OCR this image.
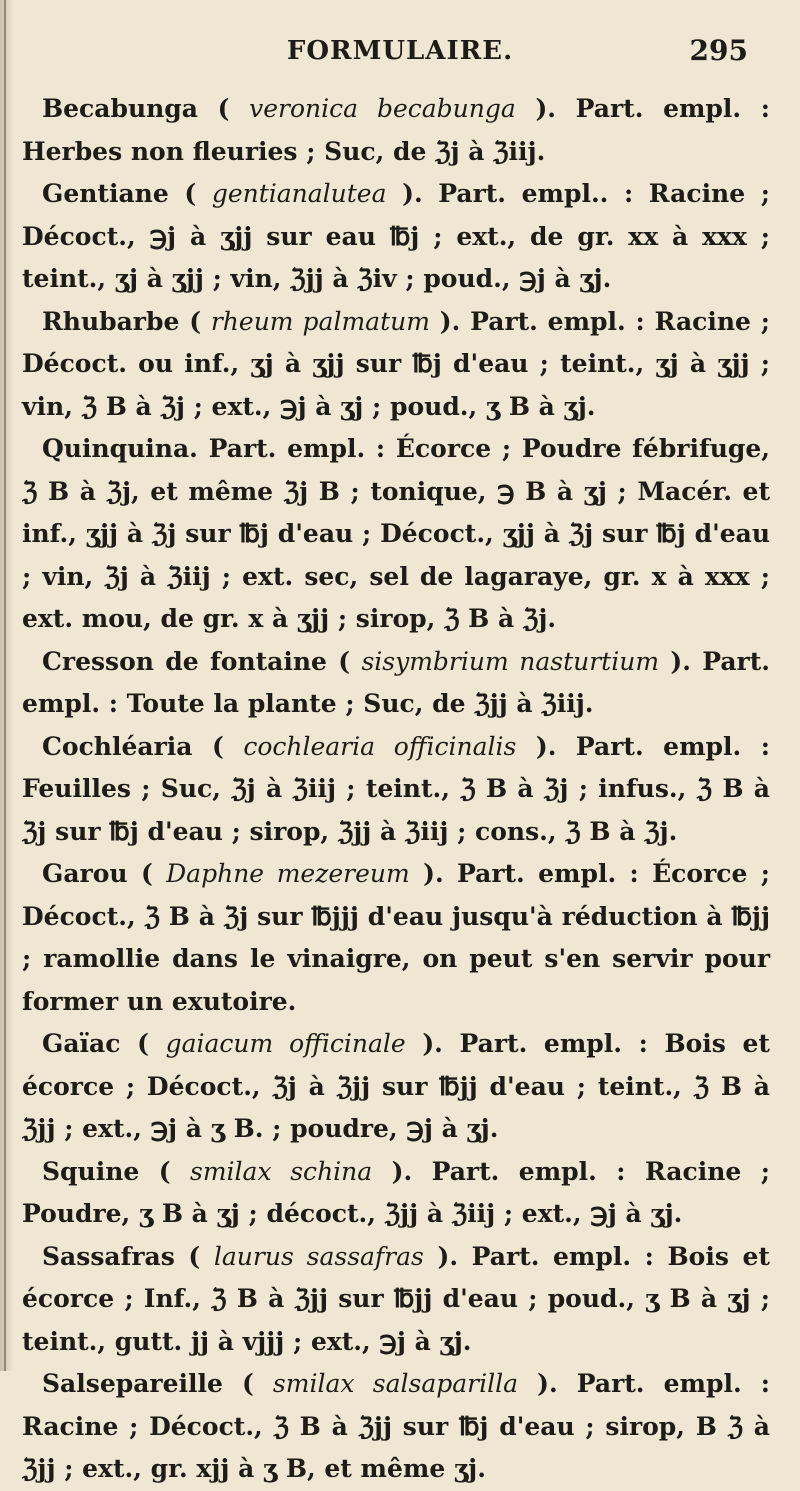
FORMULAIRE.	295

Becabunga ( veronica becabunga ). Part. empl. : Herbes non fleuries ; Suc, de ℨj à ℨiij.

Gentiane ( gentianalutea ). Part. empl.. : Racine ; Décoct., ℈j à ʒjj sur eau ℔j ; ext., de gr. xx à xxx ; teint., ʒj à ʒjj ; vin, ℨjj à ℨiv ; poud., ℈j à ʒj.

Rhubarbe ( rheum palmatum ). Part. empl. : Racine ; Décoct. ou inf., ʒj à ʒjj sur ℔j d'eau ; teint., ʒj à ʒjj ; vin, ℨ B à ℨj ; ext., ℈j à ʒj ; poud., ʒ B à ʒj.

Quinquina. Part. empl. : Écorce ; Poudre fébrifuge, ℨ B à ℨj, et même ℨj B ; tonique, ℈ B à ʒj ; Macér. et inf., ʒjj à ℨj sur ℔j d'eau ; Décoct., ʒjj à ℨj sur ℔j d'eau ; vin, ℨj à ℨiij ; ext. sec, sel de lagaraye, gr. x à xxx ; ext. mou, de gr. x à ʒjj ; sirop, ℨ B à ℨj.

Cresson de fontaine ( sisymbrium nasturtium ). Part. empl. : Toute la plante ; Suc, de ℨjj à ℨiij.

Cochléaria ( cochlearia officinalis ). Part. empl. : Feuilles ; Suc, ℨj à ℨiij ; teint., ℨ B à ℨj ; infus., ℨ B à ℨj sur ℔j d'eau ; sirop, ℨjj à ℨiij ; cons., ℨ B à ℨj.

Garou ( Daphne mezereum ). Part. empl. : Écorce ; Décoct., ℨ B à ℨj sur ℔jjj d'eau jusqu'à réduction à ℔jj ; ramollie dans le vinaigre, on peut s'en servir pour former un exutoire.

Gaïac ( gaiacum officinale ). Part. empl. : Bois et écorce ; Décoct., ℨj à ℨjj sur ℔jj d'eau ; teint., ℨ B à ℨjj ; ext., ℈j à ʒ B. ; poudre, ℈j à ʒj.

Squine ( smilax schina ). Part. empl. : Racine ; Poudre, ʒ B à ʒj ; décoct., ℨjj à ℨiij ; ext., ℈j à ʒj.

Sassafras ( laurus sassafras ). Part. empl. : Bois et écorce ; Inf., ℨ B à ℨjj sur ℔jj d'eau ; poud., ʒ B à ʒj ; teint., gutt. jj à vjjj ; ext., ℈j à ʒj.

Salsepareille ( smilax salsaparilla ). Part. empl. : Racine ; Décoct., ℨ B à ℨjj sur ℔j d'eau ; sirop, B ℨ à ℨjj ; ext., gr. xjj à ʒ B, et même ʒj.
